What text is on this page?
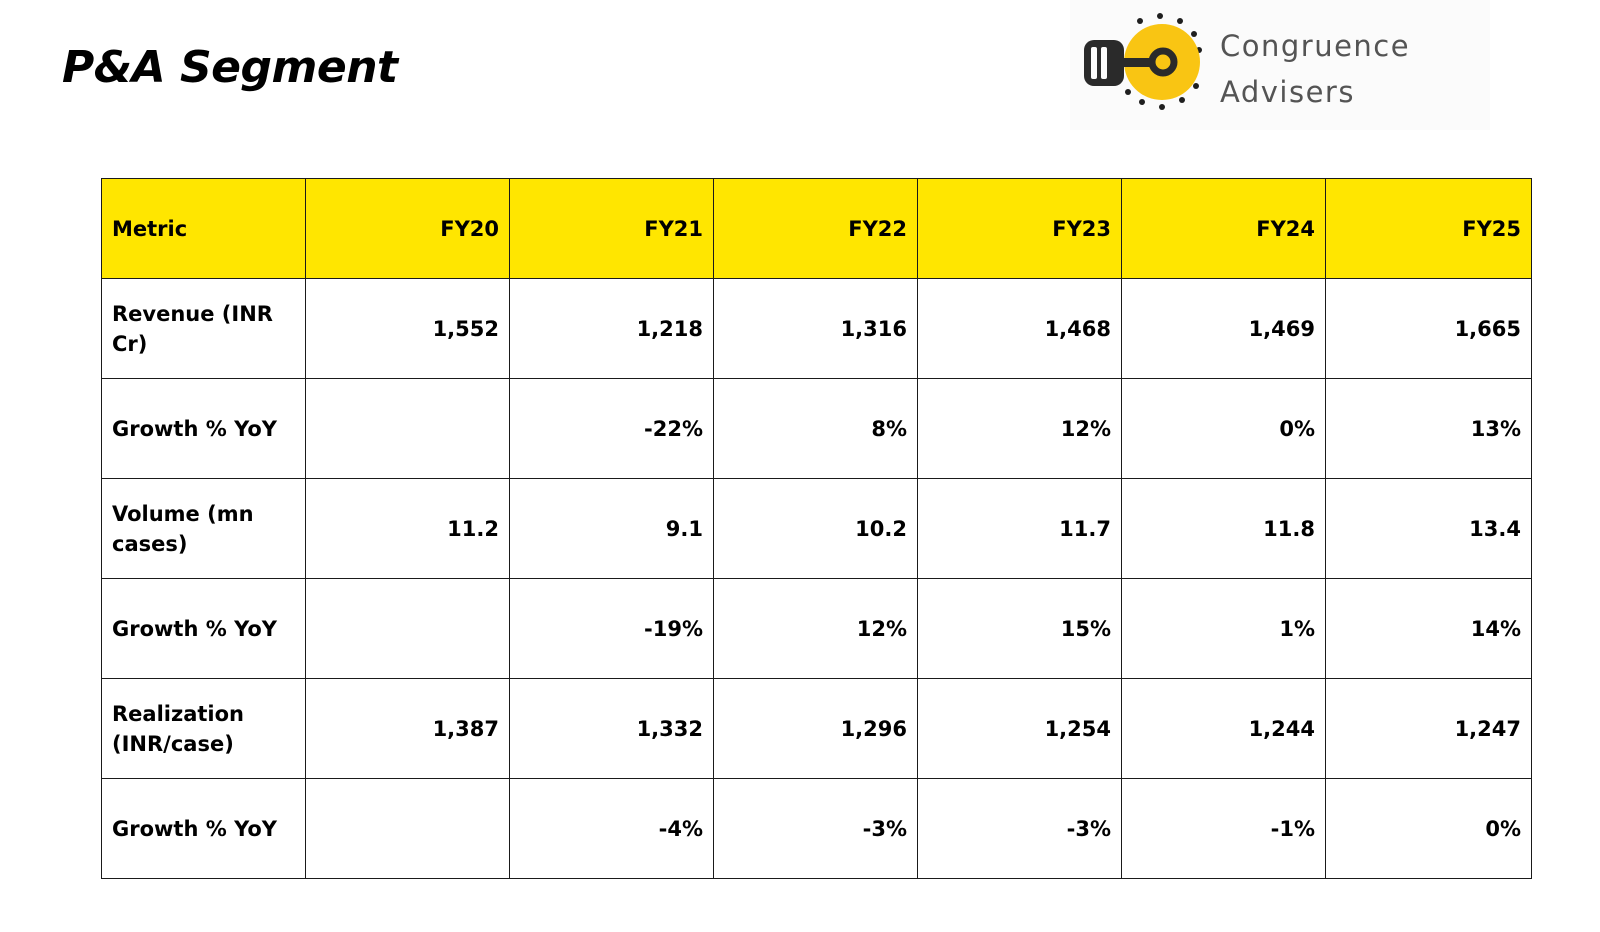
P&A Segment	Congruence
Advisers
Metric	FY20	FY21	FY22	FY23	FY24	FY25
Revenue (INR Cr)	1,552	1,218	1,316	1,468	1,469	1,665
Growth % YoY		-22%	8%	12%	0%	13%
Volume (mn cases)	11.2	9.1	10.2	11.7	11.8	13.4
Growth % YoY		-19%	12%	15%	1%	14%
Realization (INR/case)	1,387	1,332	1,296	1,254	1,244	1,247
Growth % YoY		-4%	-3%	-3%	-1%	0%
